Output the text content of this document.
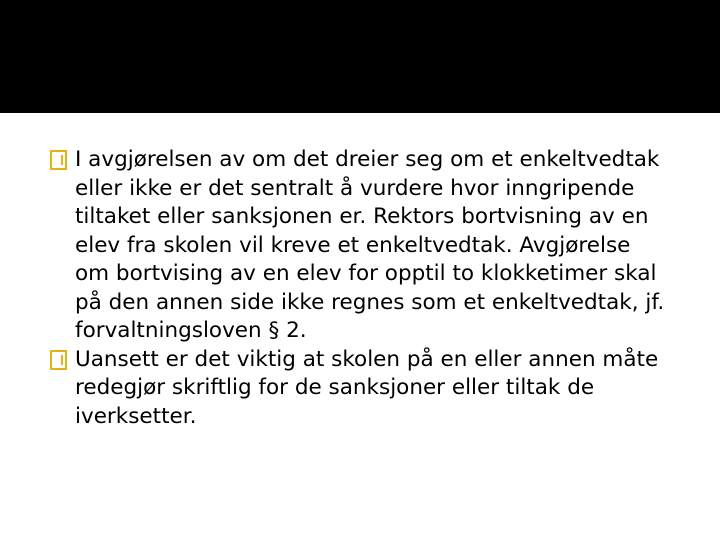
I avgjørelsen av om det dreier seg om et enkeltvedtak eller ikke er det sentralt å vurdere hvor inngripende tiltaket eller sanksjonen er. Rektors bortvisning av en elev fra skolen vil kreve et enkeltvedtak. Avgjørelse om bortvising av en elev for opptil to klokketimer skal på den annen side ikke regnes som et enkeltvedtak, jf. forvaltningsloven § 2.

Uansett er det viktig at skolen på en eller annen måte redegjør skriftlig for de sanksjoner eller tiltak de iverksetter.
